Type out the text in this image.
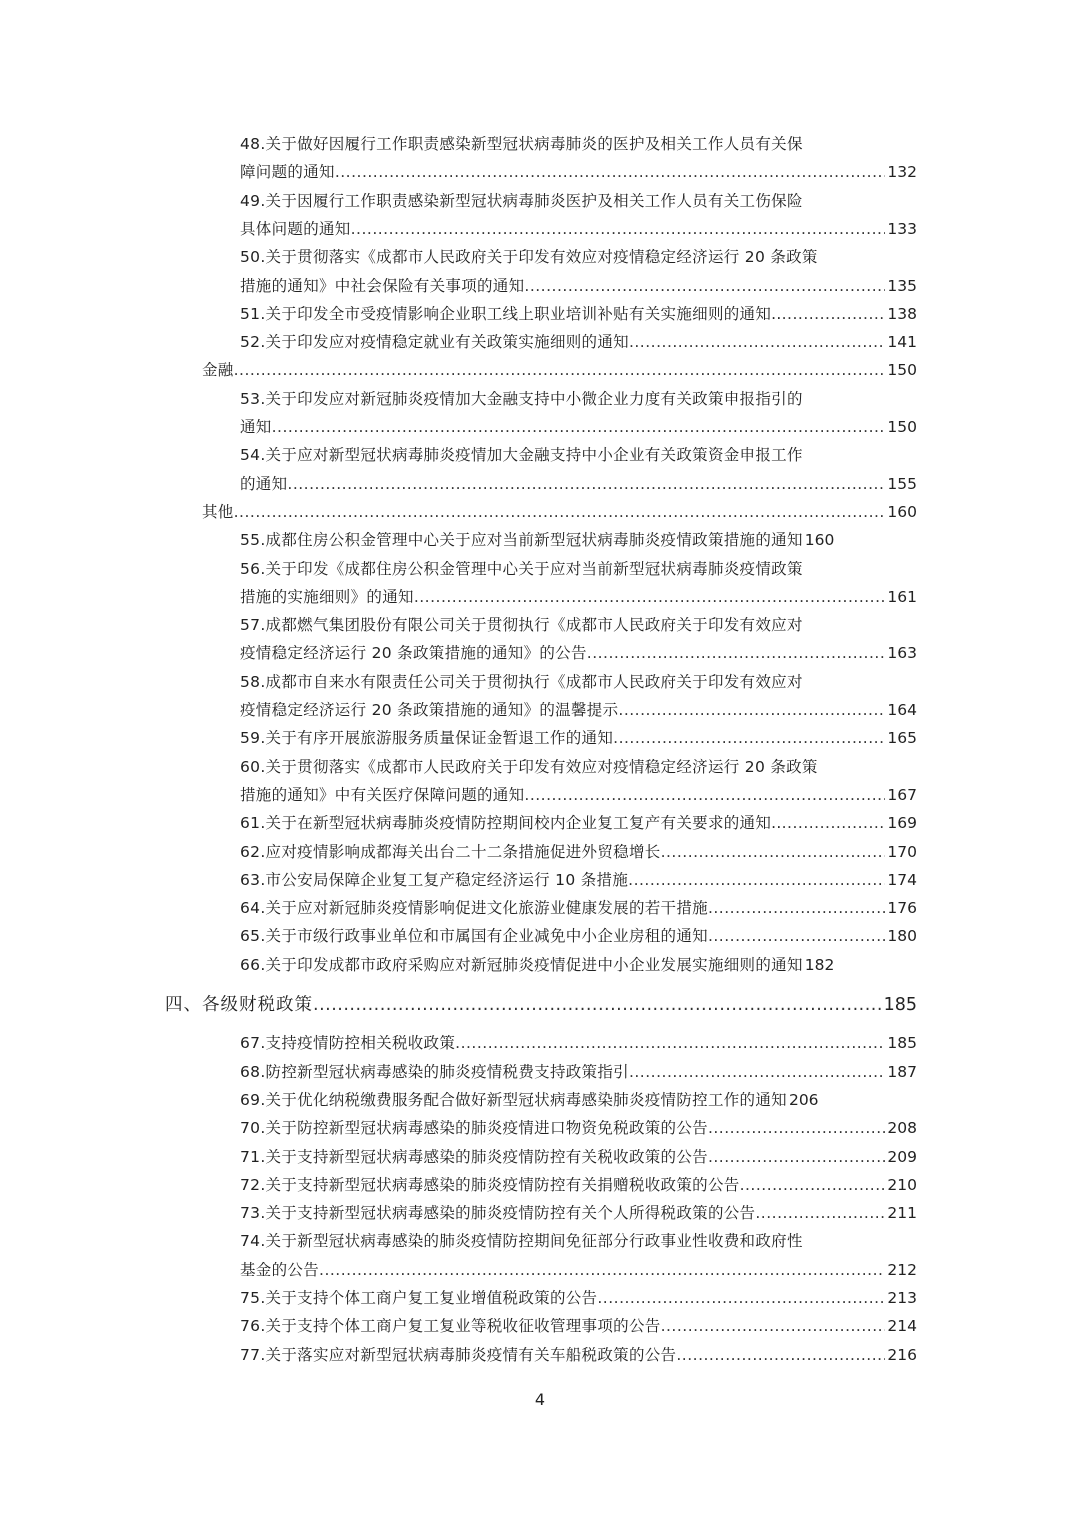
48.关于做好因履行工作职责感染新型冠状病毒肺炎的医护及相关工作人员有关保
障问题的通知 .....	132
49.关于因履行工作职责感染新型冠状病毒肺炎医护及相关工作人员有关工伤保险
具体问题的通知 .....	133
50.关于贯彻落实《成都市人民政府关于印发有效应对疫情稳定经济运行 20 条政策
措施的通知》中社会保险有关事项的通知 .....	135
51.关于印发全市受疫情影响企业职工线上职业培训补贴有关实施细则的通知.. .....	138
52.关于印发应对疫情稳定就业有关政策实施细则的通知 .....	141
金融 .....	150
53.关于印发应对新冠肺炎疫情加大金融支持中小微企业力度有关政策申报指引的
通知 .....	150
54.关于应对新型冠状病毒肺炎疫情加大金融支持中小企业有关政策资金申报工作
的通知 .....	155
其他 .....	160
55.成都住房公积金管理中心关于应对当前新型冠状病毒肺炎疫情政策措施的通知 160
56.关于印发《成都住房公积金管理中心关于应对当前新型冠状病毒肺炎疫情政策
措施的实施细则》的通知 .....	161
57.成都燃气集团股份有限公司关于贯彻执行《成都市人民政府关于印发有效应对
疫情稳定经济运行 20 条政策措施的通知》的公告 .....	163
58.成都市自来水有限责任公司关于贯彻执行《成都市人民政府关于印发有效应对
疫情稳定经济运行 20 条政策措施的通知》的温馨提示 .....	164
59.关于有序开展旅游服务质量保证金暂退工作的通知 .....	165
60.关于贯彻落实《成都市人民政府关于印发有效应对疫情稳定经济运行 20 条政策
措施的通知》中有关医疗保障问题的通知 .....	167
61.关于在新型冠状病毒肺炎疫情防控期间校内企业复工复产有关要求的通知.. .....	169
62.应对疫情影响成都海关出台二十二条措施促进外贸稳增长 .....	170
63.市公安局保障企业复工复产稳定经济运行 10 条措施 .....	174
64.关于应对新冠肺炎疫情影响促进文化旅游业健康发展的若干措施 .....	176
65.关于市级行政事业单位和市属国有企业减免中小企业房租的通知 .....	180
66.关于印发成都市政府采购应对新冠肺炎疫情促进中小企业发展实施细则的通知 182
四、各级财税政策 .....	185
67.支持疫情防控相关税收政策 .....	185
68.防控新型冠状病毒感染的肺炎疫情税费支持政策指引 .....	187
69.关于优化纳税缴费服务配合做好新型冠状病毒感染肺炎疫情防控工作的通知 206
70.关于防控新型冠状病毒感染的肺炎疫情进口物资免税政策的公告 .....	208
71.关于支持新型冠状病毒感染的肺炎疫情防控有关税收政策的公告 .....	209
72.关于支持新型冠状病毒感染的肺炎疫情防控有关捐赠税收政策的公告 .....	210
73.关于支持新型冠状病毒感染的肺炎疫情防控有关个人所得税政策的公告 .....	211
74.关于新型冠状病毒感染的肺炎疫情防控期间免征部分行政事业性收费和政府性
基金的公告 .....	212
75.关于支持个体工商户复工复业增值税政策的公告 .....	213
76.关于支持个体工商户复工复业等税收征收管理事项的公告 .....	214
77.关于落实应对新型冠状病毒肺炎疫情有关车船税政策的公告 .....	216
4
